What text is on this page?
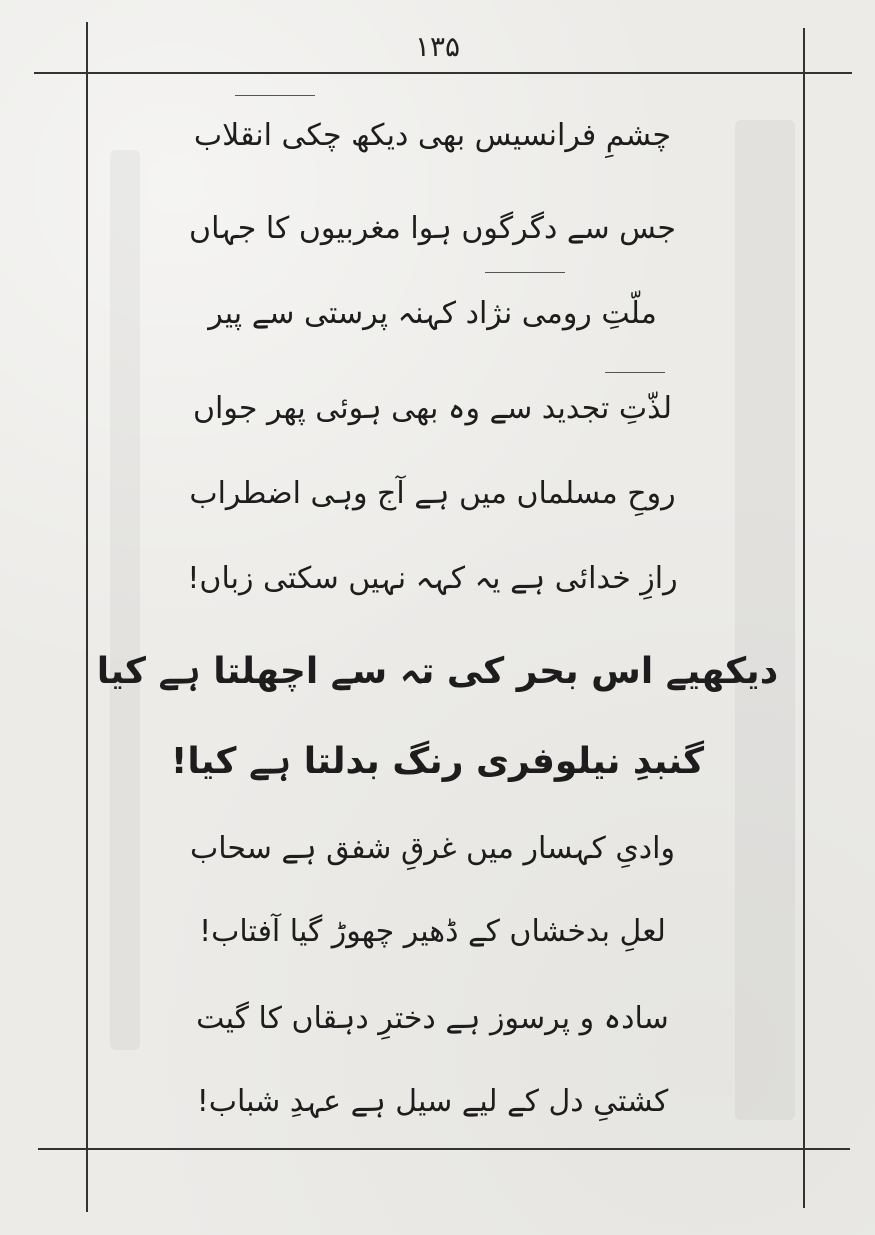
۱۳۵
چشمِ فرانسیس بھی دیکھ چکی انقلاب
جس سے دگرگوں ہوا مغربیوں کا جہاں
ملّتِ رومی نژاد کہنہ پرستی سے پیر
لذّتِ تجدید سے وہ بھی ہوئی پھر جواں
روحِ مسلماں میں ہے آج وہی اضطراب
رازِ خدائی ہے یہ کہہ نہیں سکتی زباں!
دیکھیے اس بحر کی تہ سے اچھلتا ہے کیا
گنبدِ نیلوفری رنگ بدلتا ہے کیا!
وادیِ کہسار میں غرقِ شفق ہے سحاب
لعلِ بدخشاں کے ڈھیر چھوڑ گیا آفتاب!
سادہ و پرسوز ہے دخترِ دہقاں کا گیت
کشتیِ دل کے لیے سیل ہے عہدِ شباب!
